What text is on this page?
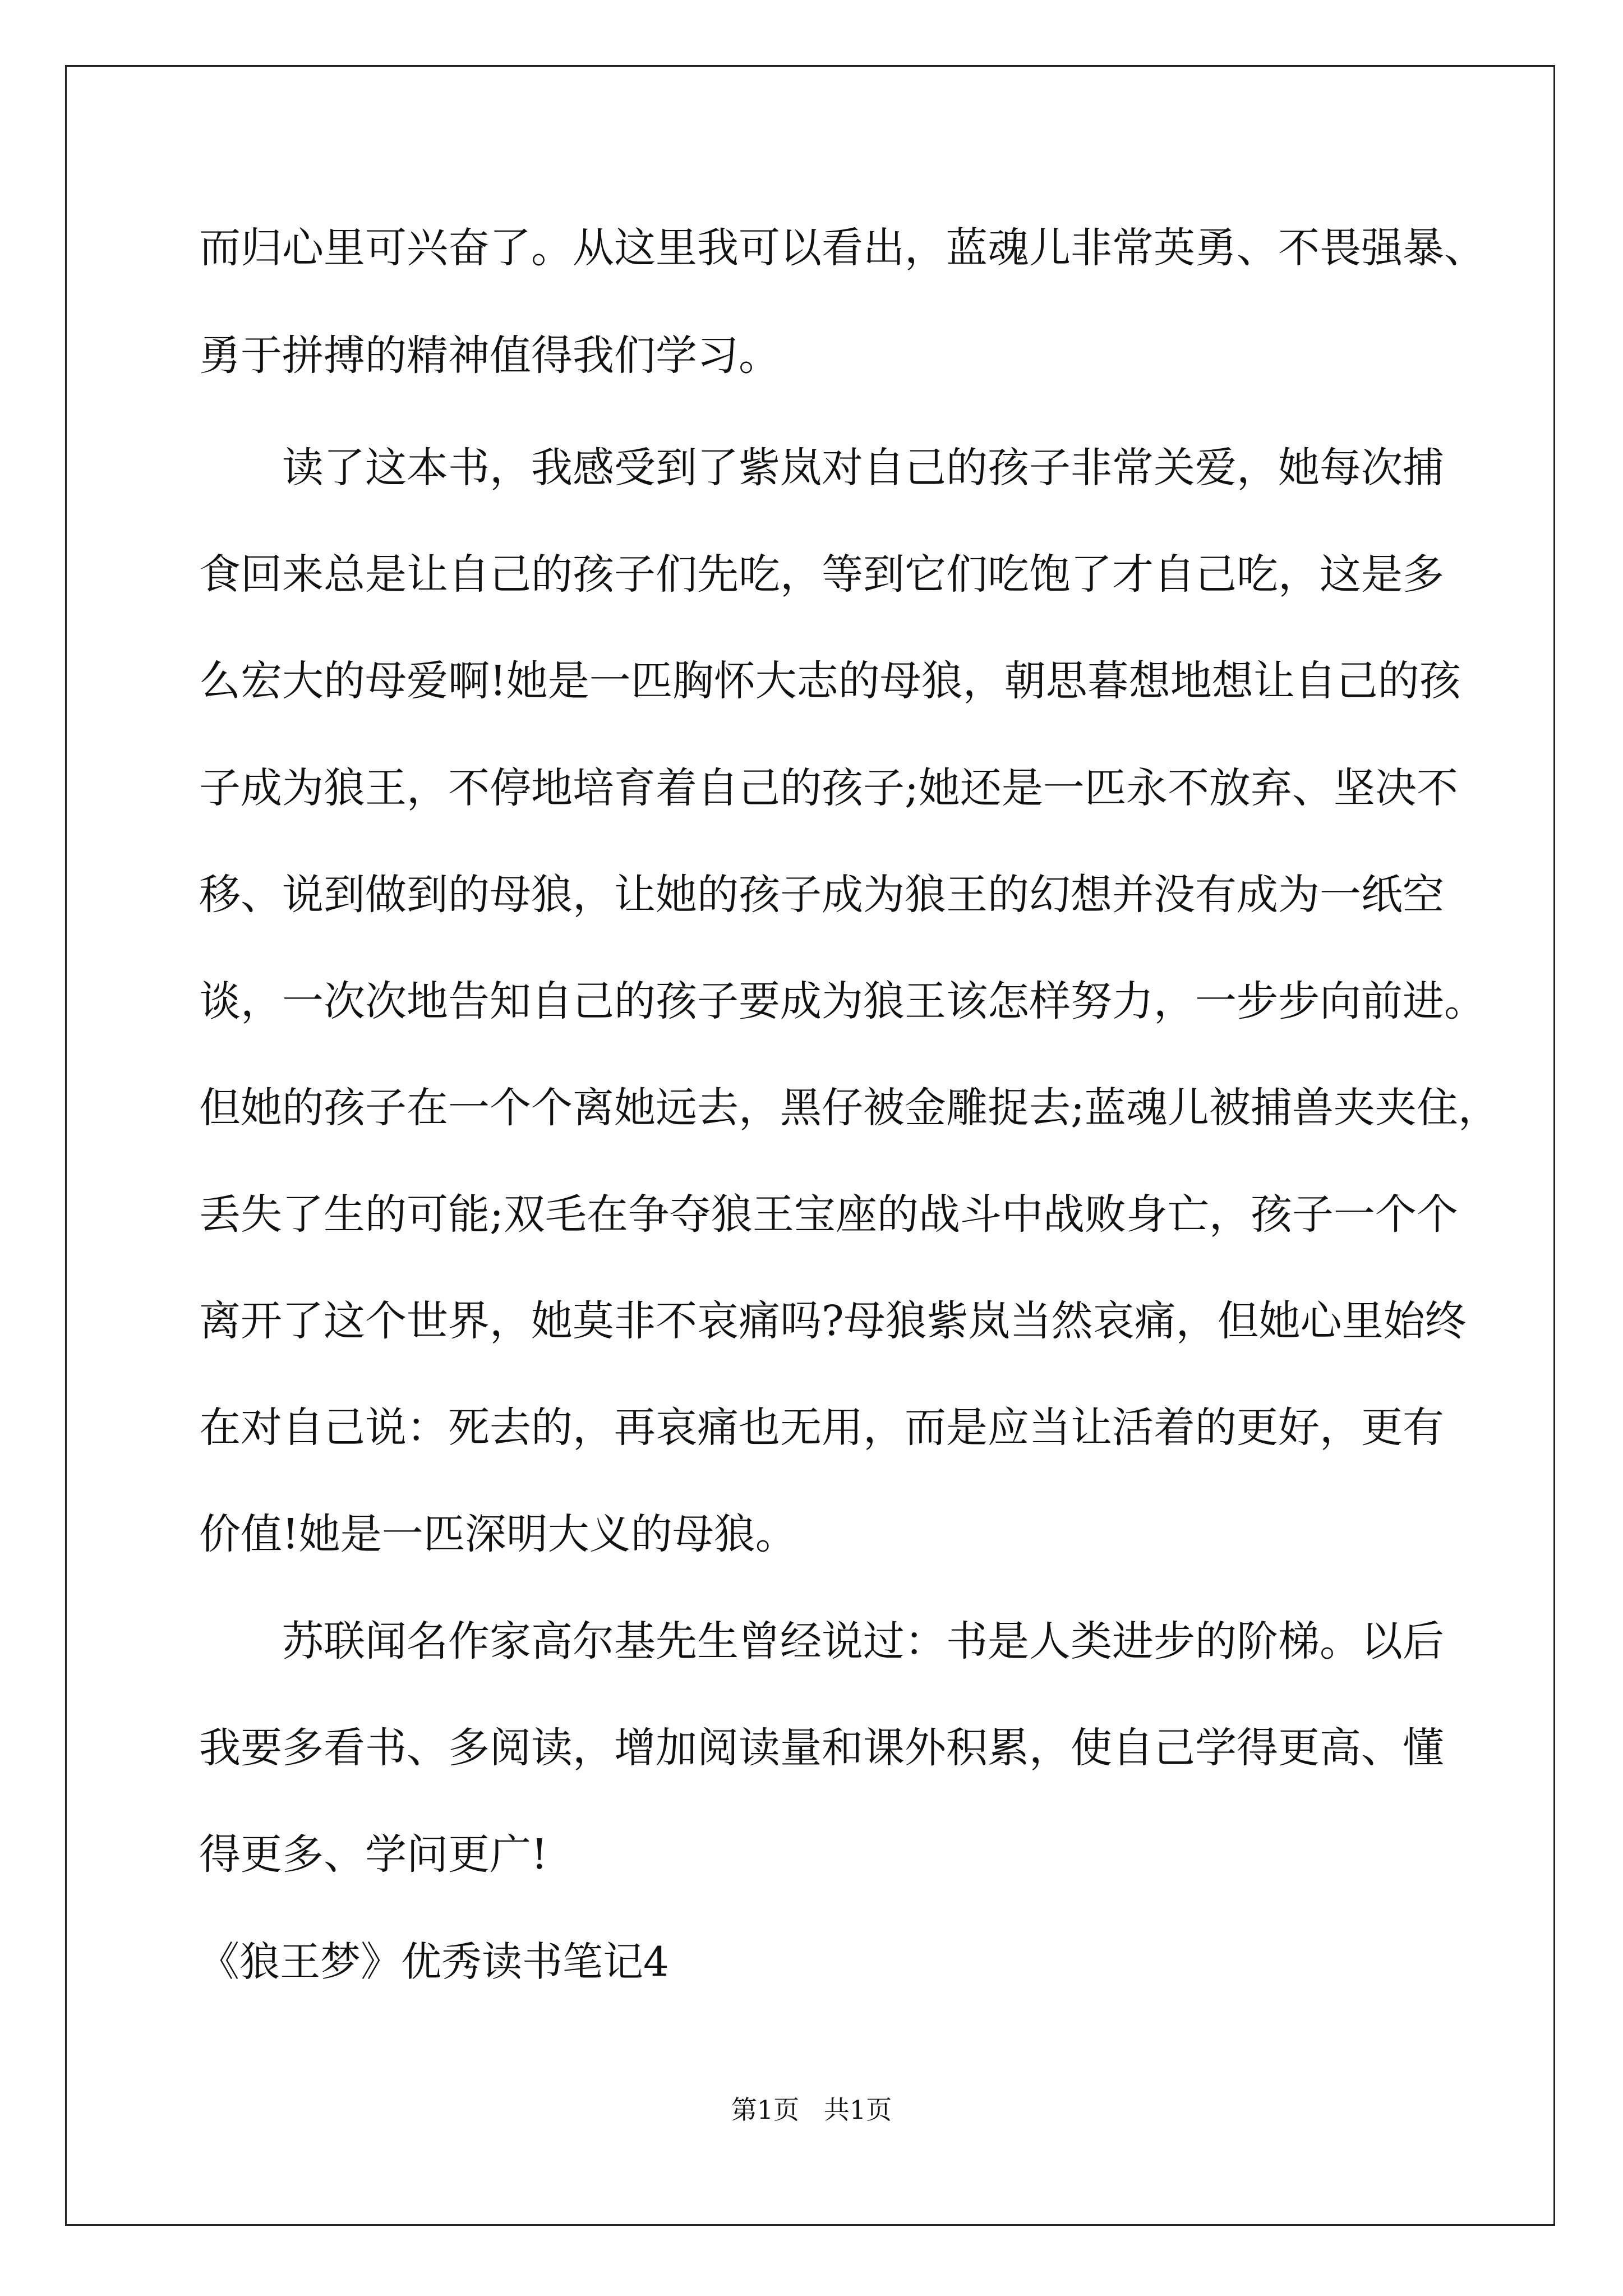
而归心里可兴奋了。从这里我可以看出，蓝魂儿非常英勇、不畏强暴、
勇于拼搏的精神值得我们学习。
读了这本书，我感受到了紫岚对自己的孩子非常关爱，她每次捕
食回来总是让自己的孩子们先吃，等到它们吃饱了才自己吃，这是多
么宏大的母爱啊!她是一匹胸怀大志的母狼，朝思暮想地想让自己的孩
子成为狼王，不停地培育着自己的孩子;她还是一匹永不放弃、坚决不
移、说到做到的母狼，让她的孩子成为狼王的幻想并没有成为一纸空
谈，一次次地告知自己的孩子要成为狼王该怎样努力，一步步向前进。
但她的孩子在一个个离她远去，黑仔被金雕捉去;蓝魂儿被捕兽夹夹住，
丢失了生的可能;双毛在争夺狼王宝座的战斗中战败身亡，孩子一个个
离开了这个世界，她莫非不哀痛吗?母狼紫岚当然哀痛，但她心里始终
在对自己说：死去的，再哀痛也无用，而是应当让活着的更好，更有
价值!她是一匹深明大义的母狼。
苏联闻名作家高尔基先生曾经说过：书是人类进步的阶梯。以后
我要多看书、多阅读，增加阅读量和课外积累，使自己学得更高、懂
得更多、学问更广!
《狼王梦》优秀读书笔记4
第1页   共1页
